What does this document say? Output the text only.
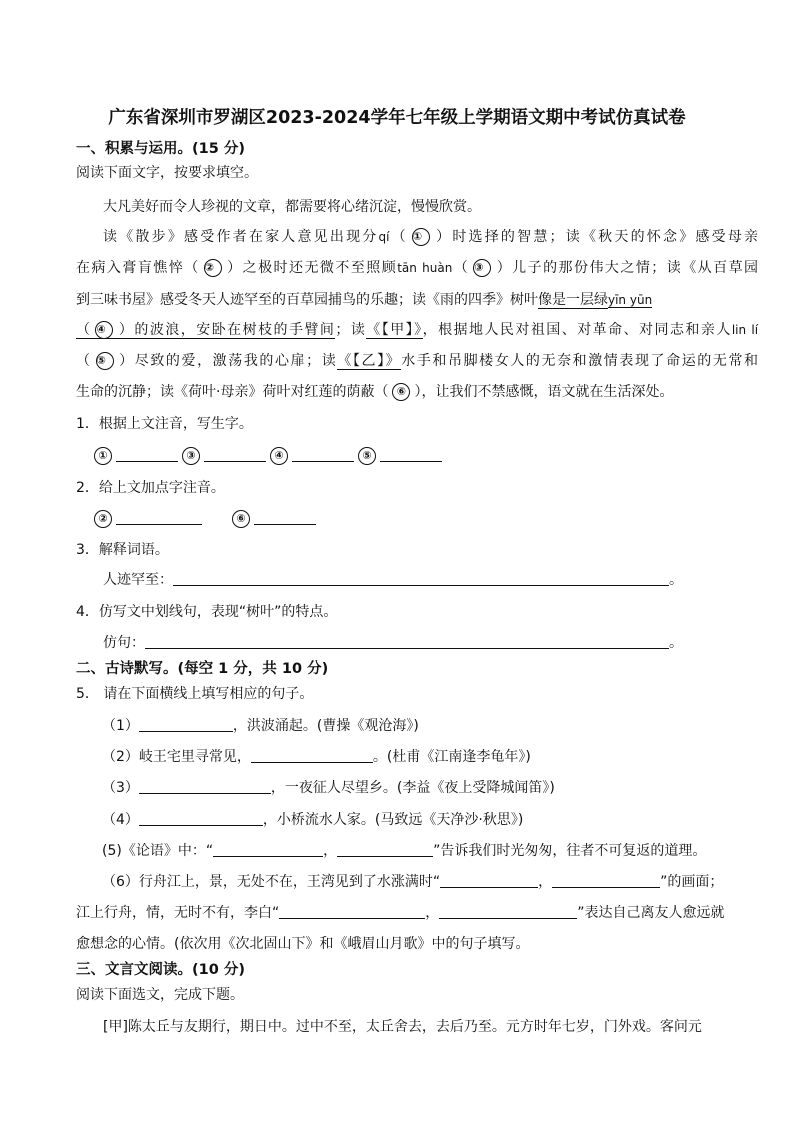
广东省深圳市罗湖区2023-2024学年七年级上学期语文期中考试仿真试卷
一、积累与运用。(15 分)
阅读下面文字，按要求填空。
大凡美好而令人珍视的文章，都需要将心绪沉淀，慢慢欣赏。
读《散步》感受作者在家人意见出现分qí（ ① ）时选择的智慧；读《秋天的怀念》感受母亲
在病入膏肓憔悴（ ② ）之极时还无微不至照顾tān huàn（ ③ ）儿子的那份伟大之情；读《从百草园
到三味书屋》感受冬天人迹罕至的百草园捕鸟的乐趣；读《雨的四季》树叶像是一层绿yīn yūn
（ ④ ）的波浪，安卧在树枝的手臂间；读《【甲】》，根据地人民对祖国、对革命、对同志和亲人lin lí
（ ⑤ ）尽致的爱，激荡我的心扉；读《【乙】》水手和吊脚楼女人的无奈和激情表现了命运的无常和
生命的沉静；读《荷叶·母亲》荷叶对红莲的荫蔽（ ⑥ ），让我们不禁感慨，语文就在生活深处。
1．根据上文注音，写生字。
①	③	④	⑤
2．给上文加点字注音。
②	⑥
3．解释词语。
人迹罕至：	。
4．仿写文中划线句，表现“树叶”的特点。
仿句：	。
二、古诗默写。(每空 1 分，共 10 分)
5． 请在下面横线上填写相应的句子。
（1）	，洪波涌起。(曹操《观沧海》)
（2）岐王宅里寻常见，	。(杜甫《江南逢李龟年》)
（3）	，一夜征人尽望乡。(李益《夜上受降城闻笛》)
（4）	，小桥流水人家。(马致远《天净沙·秋思》)
(5)《论语》中：“	，	”告诉我们时光匆匆，往者不可复返的道理。
（6）行舟江上，景，无处不在，王湾见到了水涨满时“	，	”的画面；
江上行舟，情，无时不有，李白“	，	”表达自己离友人愈远就
愈想念的心情。(依次用《次北固山下》和《峨眉山月歌》中的句子填写。
三、文言文阅读。(10 分)
阅读下面选文，完成下题。
[甲]陈太丘与友期行，期日中。过中不至，太丘舍去，去后乃至。元方时年七岁，门外戏。客问元
